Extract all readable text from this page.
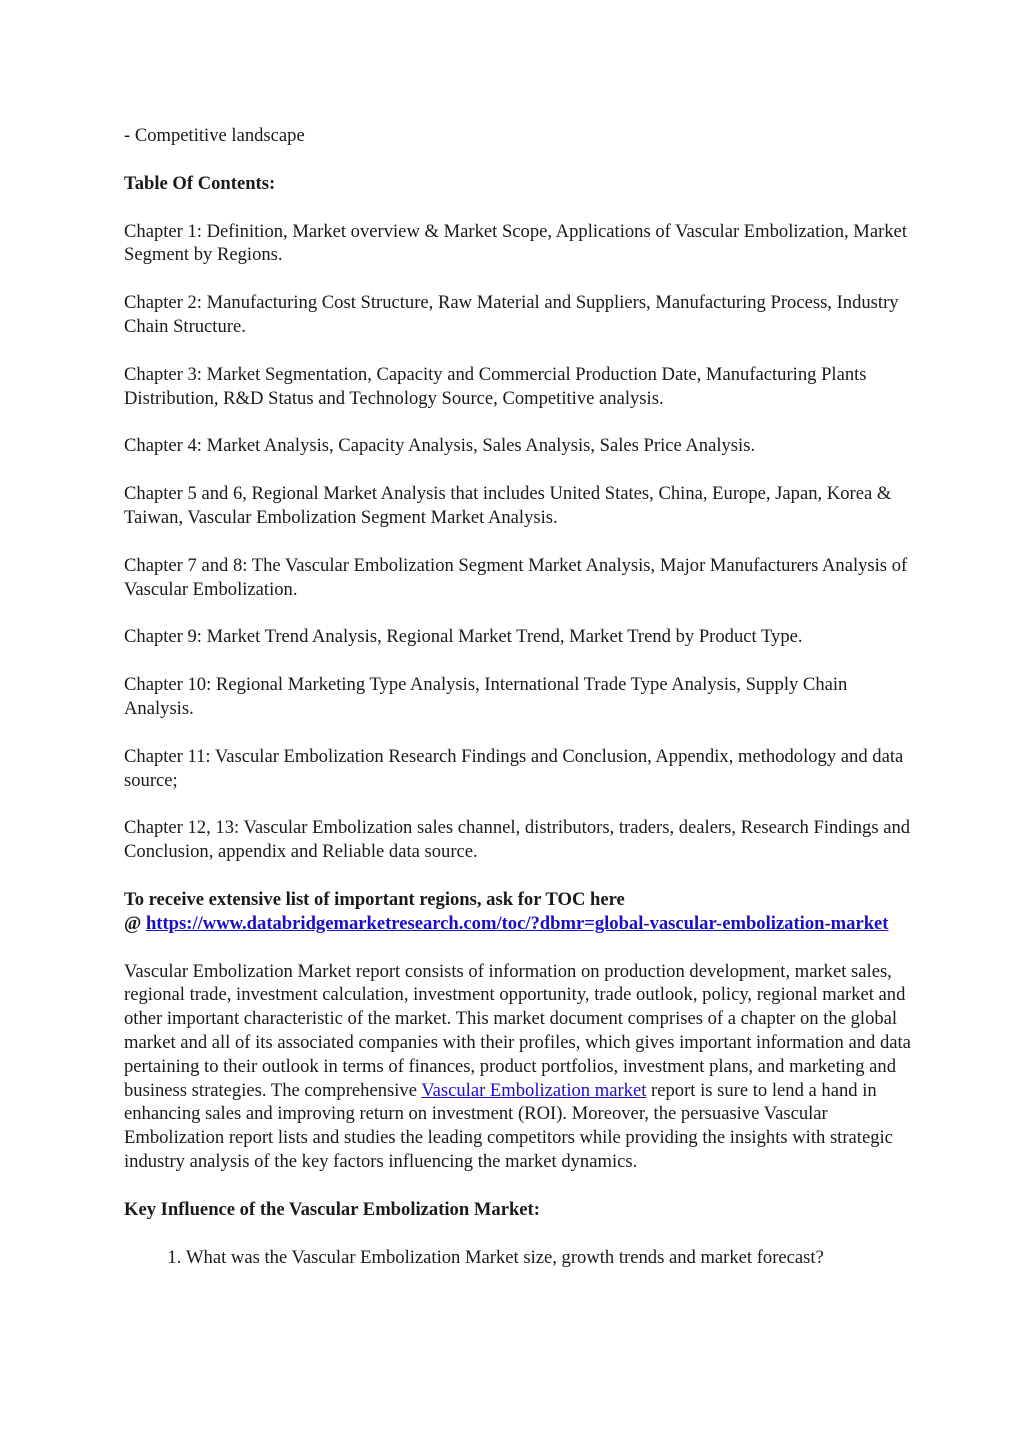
- Competitive landscape

Table Of Contents:

Chapter 1: Definition, Market overview & Market Scope, Applications of Vascular Embolization, Market Segment by Regions.

Chapter 2: Manufacturing Cost Structure, Raw Material and Suppliers, Manufacturing Process, Industry Chain Structure.

Chapter 3: Market Segmentation, Capacity and Commercial Production Date, Manufacturing Plants Distribution, R&D Status and Technology Source, Competitive analysis.

Chapter 4: Market Analysis, Capacity Analysis, Sales Analysis, Sales Price Analysis.

Chapter 5 and 6, Regional Market Analysis that includes United States, China, Europe, Japan, Korea & Taiwan, Vascular Embolization Segment Market Analysis.

Chapter 7 and 8: The Vascular Embolization Segment Market Analysis, Major Manufacturers Analysis of Vascular Embolization.

Chapter 9: Market Trend Analysis, Regional Market Trend, Market Trend by Product Type.

Chapter 10: Regional Marketing Type Analysis, International Trade Type Analysis, Supply Chain Analysis.

Chapter 11: Vascular Embolization Research Findings and Conclusion, Appendix, methodology and data source;

Chapter 12, 13: Vascular Embolization sales channel, distributors, traders, dealers, Research Findings and Conclusion, appendix and Reliable data source.

To receive extensive list of important regions, ask for TOC here
@ https://www.databridgemarketresearch.com/toc/?dbmr=global-vascular-embolization-market

Vascular Embolization Market report consists of information on production development, market sales, regional trade, investment calculation, investment opportunity, trade outlook, policy, regional market and other important characteristic of the market. This market document comprises of a chapter on the global market and all of its associated companies with their profiles, which gives important information and data pertaining to their outlook in terms of finances, product portfolios, investment plans, and marketing and business strategies. The comprehensive Vascular Embolization market report is sure to lend a hand in enhancing sales and improving return on investment (ROI). Moreover, the persuasive Vascular Embolization report lists and studies the leading competitors while providing the insights with strategic industry analysis of the key factors influencing the market dynamics.

Key Influence of the Vascular Embolization Market:

1. What was the Vascular Embolization Market size, growth trends and market forecast?
